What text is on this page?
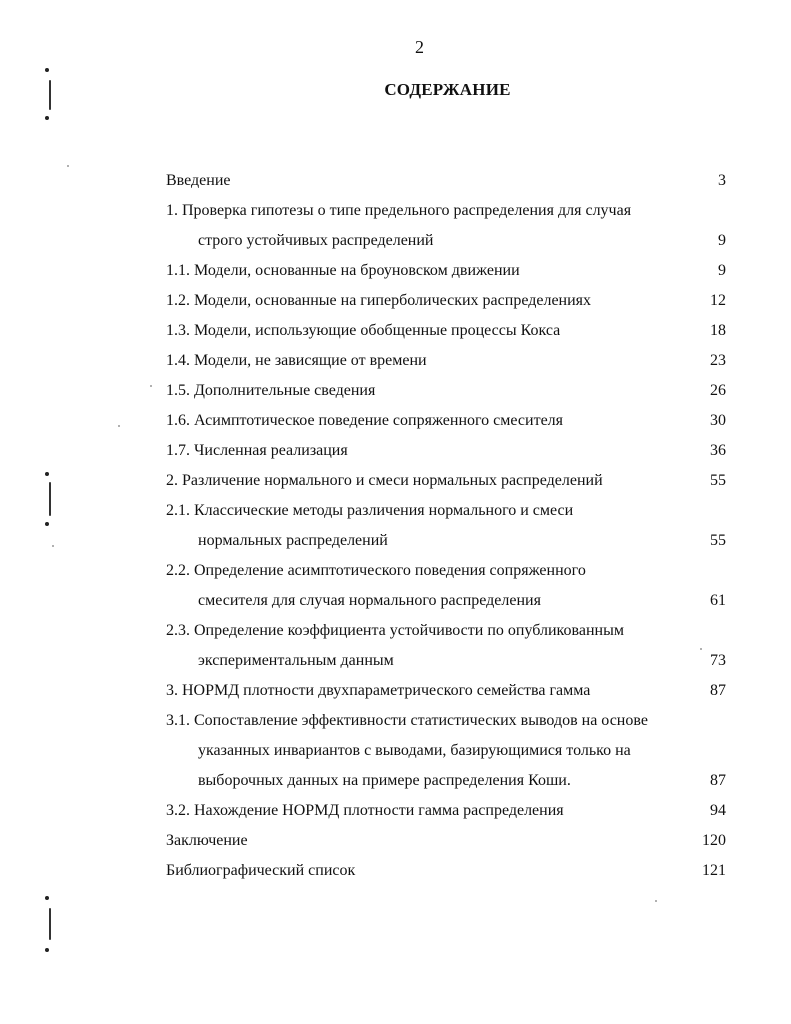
2
СОДЕРЖАНИЕ
Введение	3
1. Проверка гипотезы о типе предельного распределения для случая
строго устойчивых распределений	9
1.1. Модели, основанные на броуновском движении	9
1.2. Модели, основанные на гиперболических распределениях	12
1.3. Модели, использующие обобщенные процессы Кокса	18
1.4. Модели, не зависящие от времени	23
1.5. Дополнительные сведения	26
1.6. Асимптотическое поведение сопряженного смесителя	30
1.7. Численная реализация	36
2. Различение нормального и смеси нормальных распределений	55
2.1. Классические методы различения нормального и смеси
нормальных распределений	55
2.2. Определение асимптотического поведения сопряженного
смесителя для случая нормального распределения	61
2.3. Определение коэффициента устойчивости по опубликованным
экспериментальным данным	73
3. НОРМД плотности двухпараметрического семейства гамма	87
3.1. Сопоставление эффективности статистических выводов на основе
указанных инвариантов с выводами, базирующимися только на
выборочных данных на примере распределения Коши.	87
3.2. Нахождение НОРМД плотности гамма распределения	94
Заключение	120
Библиографический список	121
